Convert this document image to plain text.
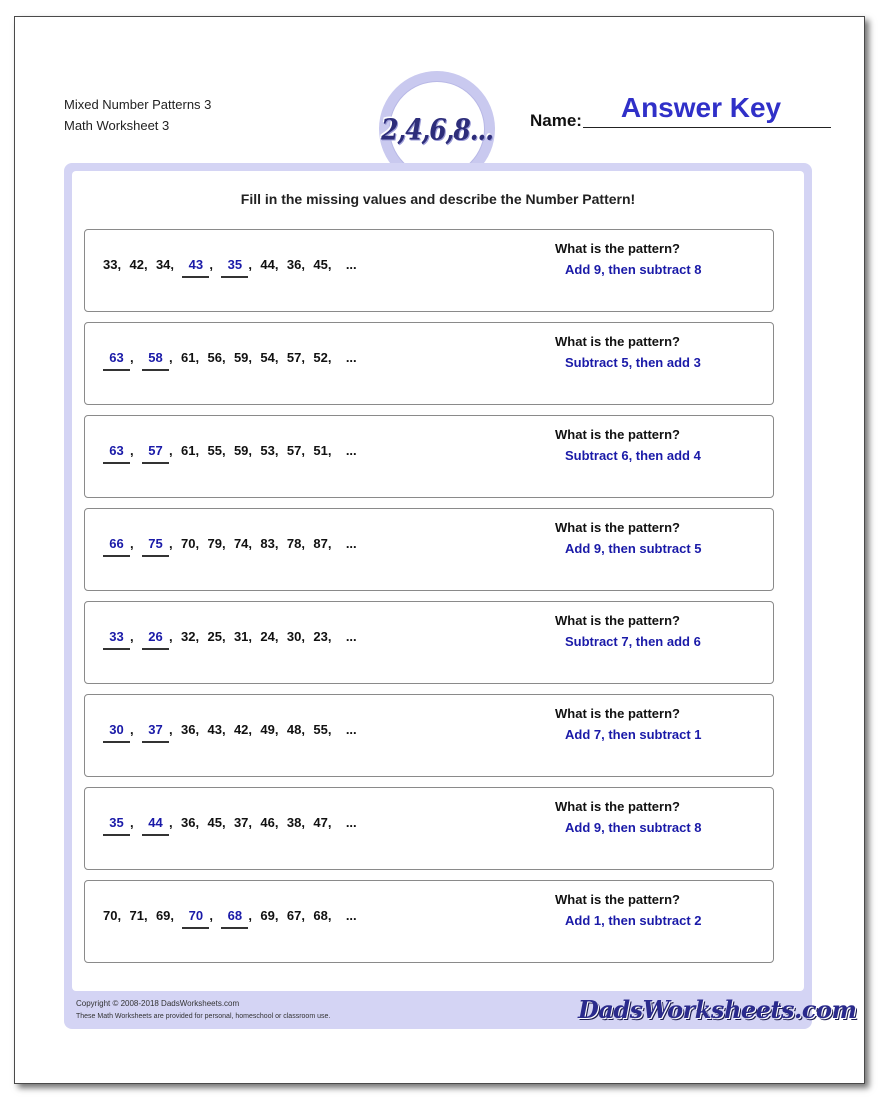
Mixed Number Patterns 3
Math Worksheet 3	2,4,6,8... Name:	Answer Key
Fill in the missing values and describe the Number Pattern!
33, 42, 34, 43 , 35 , 44, 36, 45, ...
What is the pattern?
Add 9, then subtract 8
63 , 58 , 61, 56, 59, 54, 57, 52, ...
What is the pattern?
Subtract 5, then add 3
63 , 57 , 61, 55, 59, 53, 57, 51, ...
What is the pattern?
Subtract 6, then add 4
66 , 75 , 70, 79, 74, 83, 78, 87, ...
What is the pattern?
Add 9, then subtract 5
33 , 26 , 32, 25, 31, 24, 30, 23, ...
What is the pattern?
Subtract 7, then add 6
30 , 37 , 36, 43, 42, 49, 48, 55, ...
What is the pattern?
Add 7, then subtract 1
35 , 44 , 36, 45, 37, 46, 38, 47, ...
What is the pattern?
Add 9, then subtract 8
70, 71, 69, 70 , 68 , 69, 67, 68, ...
What is the pattern?
Add 1, then subtract 2
Copyright © 2008-2018 DadsWorksheets.com
These Math Worksheets are provided for personal, homeschool or classroom use.	DadsWorksheets.com
